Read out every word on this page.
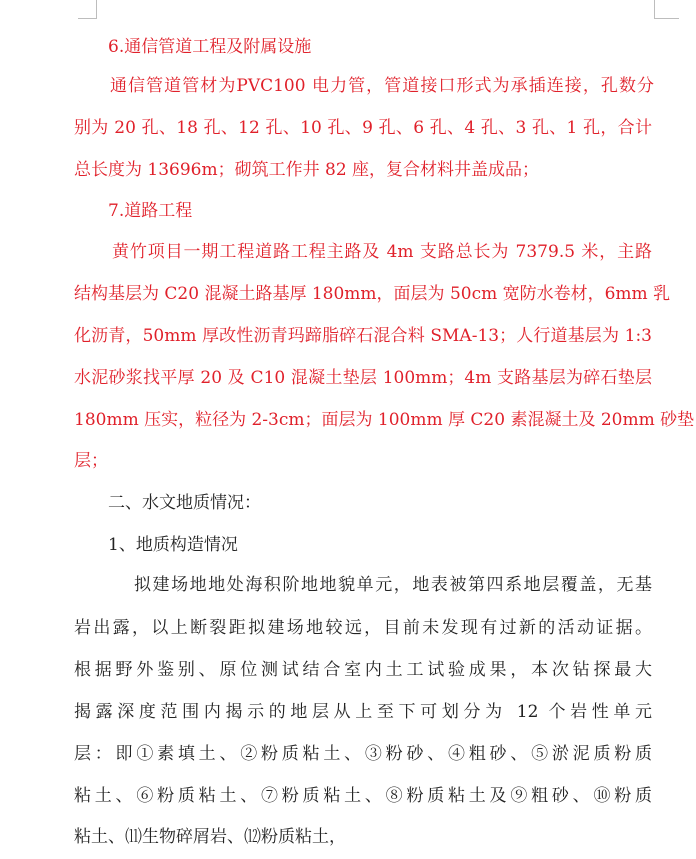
6.通信管道工程及附属设施
通信管道管材为PVC100 电力管，管道接口形式为承插连接，孔数分
别为 20 孔、18 孔、12 孔、10 孔、9 孔、6 孔、4 孔、3 孔、1 孔，合计
总长度为 13696m；砌筑工作井 82 座，复合材料井盖成品；
7.道路工程
黄竹项目一期工程道路工程主路及 4m 支路总长为 7379.5 米，主路
结构基层为 C20 混凝土路基厚 180mm，面层为 50cm 宽防水卷材，6mm 乳
化沥青，50mm 厚改性沥青玛蹄脂碎石混合料 SMA-13；人行道基层为 1:3
水泥砂浆找平厚 20 及 C10 混凝土垫层 100mm；4m 支路基层为碎石垫层
180mm 压实，粒径为 2-3cm；面层为 100mm 厚 C20 素混凝土及 20mm 砂垫
层；
二、水文地质情况：
1、地质构造情况
拟建场地地处海积阶地地貌单元，地表被第四系地层覆盖，无基
岩出露，以上断裂距拟建场地较远，目前未发现有过新的活动证据。
根据野外鉴别、原位测试结合室内土工试验成果，本次钻探最大
揭露深度范围内揭示的地层从上至下可划分为 12 个岩性单元
层：即①素填土、②粉质粘土、③粉砂、④粗砂、⑤淤泥质粉质
粘土、⑥粉质粘土、⑦粉质粘土、⑧粉质粘土及⑨粗砂、⑩粉质
粘土、⑾生物碎屑岩、⑿粉质粘土，
